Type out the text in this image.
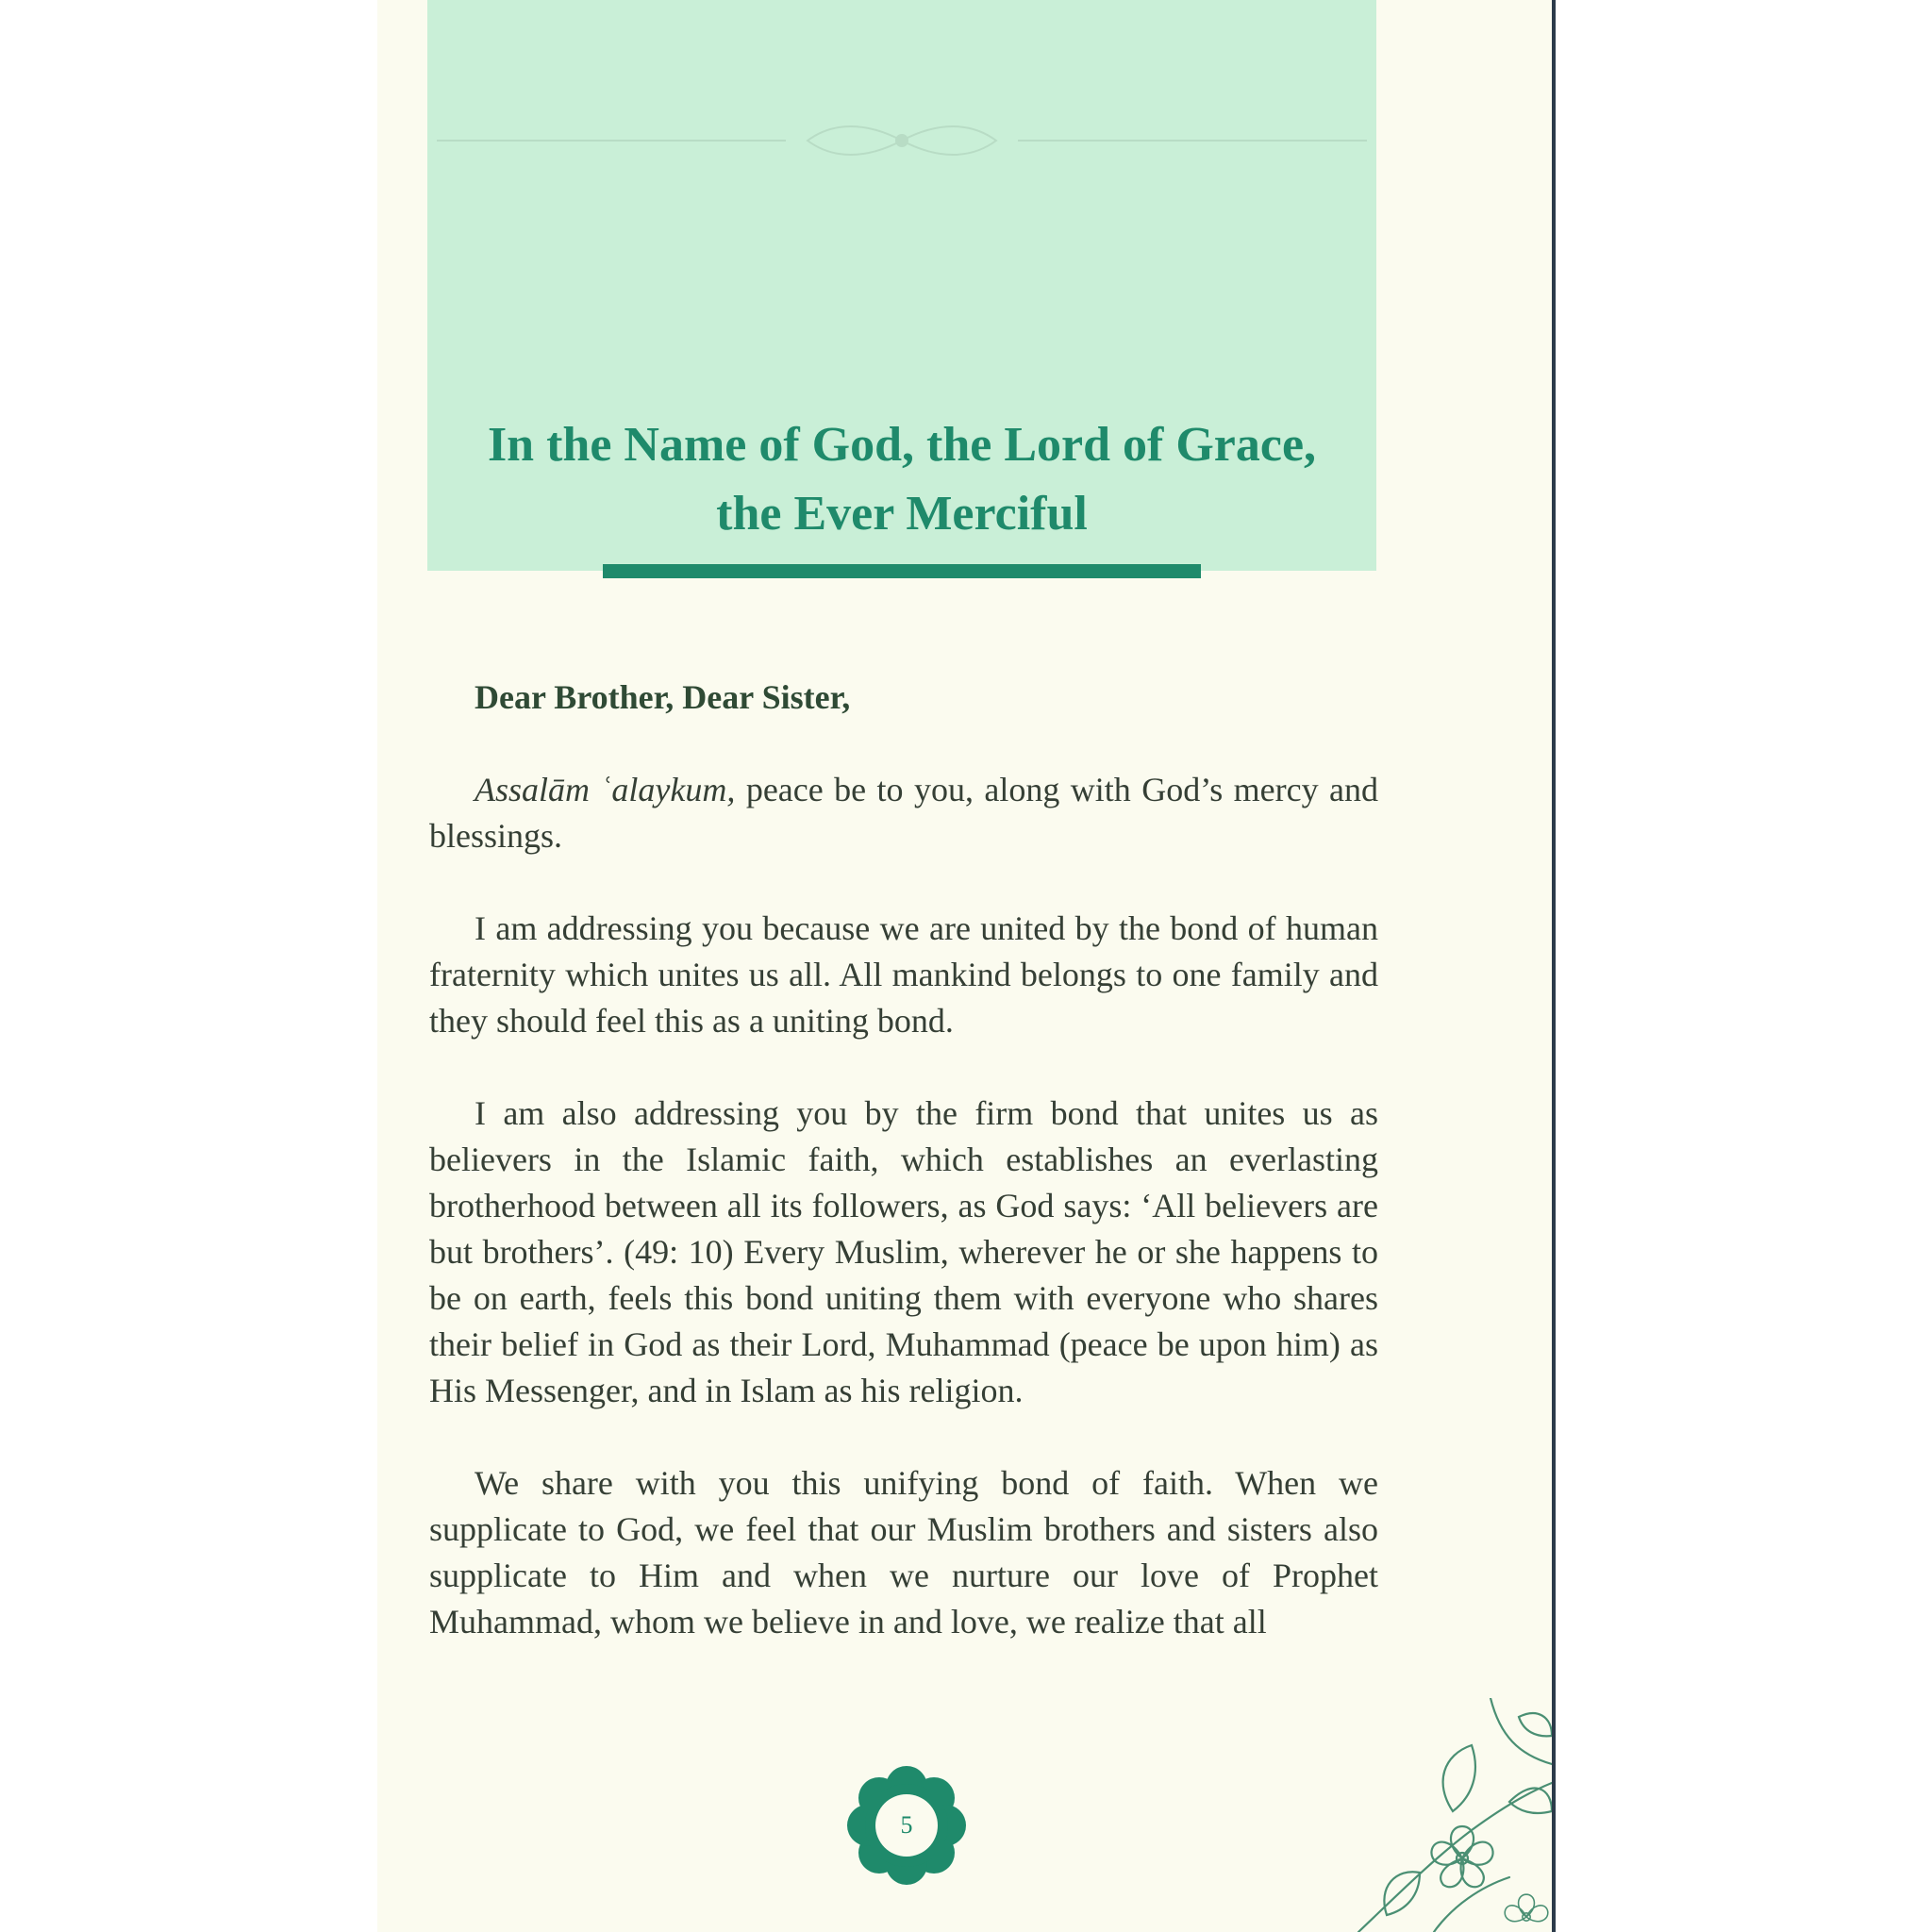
In the Name of God, the Lord of Grace,
the Ever Merciful
Dear Brother, Dear Sister,

Assalām ʿalaykum, peace be to you, along with God’s mercy and blessings.

I am addressing you because we are united by the bond of human fraternity which unites us all. All mankind belongs to one family and they should feel this as a uniting bond.

I am also addressing you by the firm bond that unites us as believers in the Islamic faith, which establishes an everlasting brotherhood between all its followers, as God says: ‘All believers are but brothers’. (49: 10) Every Muslim, wherever he or she happens to be on earth, feels this bond uniting them with everyone who shares their belief in God as their Lord, Muhammad (peace be upon him) as His Messenger, and in Islam as his religion.

We share with you this unifying bond of faith. When we supplicate to God, we feel that our Muslim brothers and sisters also supplicate to Him and when we nurture our love of Prophet Muhammad, whom we believe in and love, we realize that all

5
